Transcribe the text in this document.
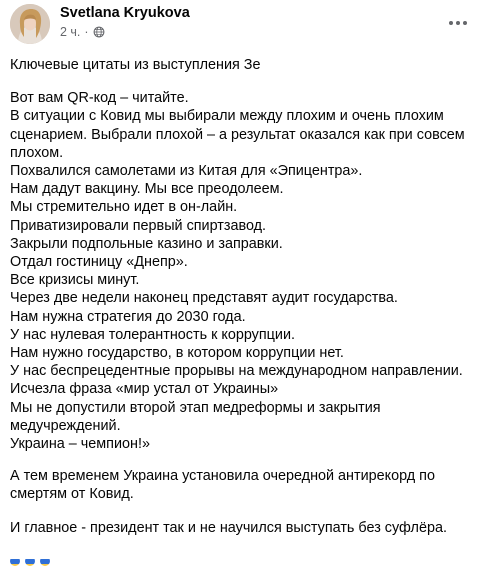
Svetlana Kryukova
2 ч. ·

Ключевые цитаты из выступления Зе

Вот вам QR-код – читайте.
В ситуации с Ковид мы выбирали между плохим и очень плохим сценарием. Выбрали плохой – а результат оказался как при совсем плохом.
Похвалился самолетами из Китая для «Эпицентра».
Нам дадут вакцину. Мы все преодолеем.
Мы стремительно идет в он-лайн.
Приватизировали первый спиртзавод.
Закрыли подпольные казино и заправки.
Отдал гостиницу «Днепр».
Все кризисы минут.
Через две недели наконец представят аудит государства.
Нам нужна стратегия до 2030 года.
У нас нулевая толерантность к коррупции.
Нам нужно государство, в котором коррупции нет.
У нас беспрецедентные прорывы на международном направлении.
Исчезла фраза «мир устал от Украины»
Мы не допустили второй этап медреформы и закрытия медучреждений.
Украина – чемпион!»

А тем временем Украина установила очередной антирекорд по смертям от Ковид.

И главное - президент так и не научился выступать без суфлёра.
